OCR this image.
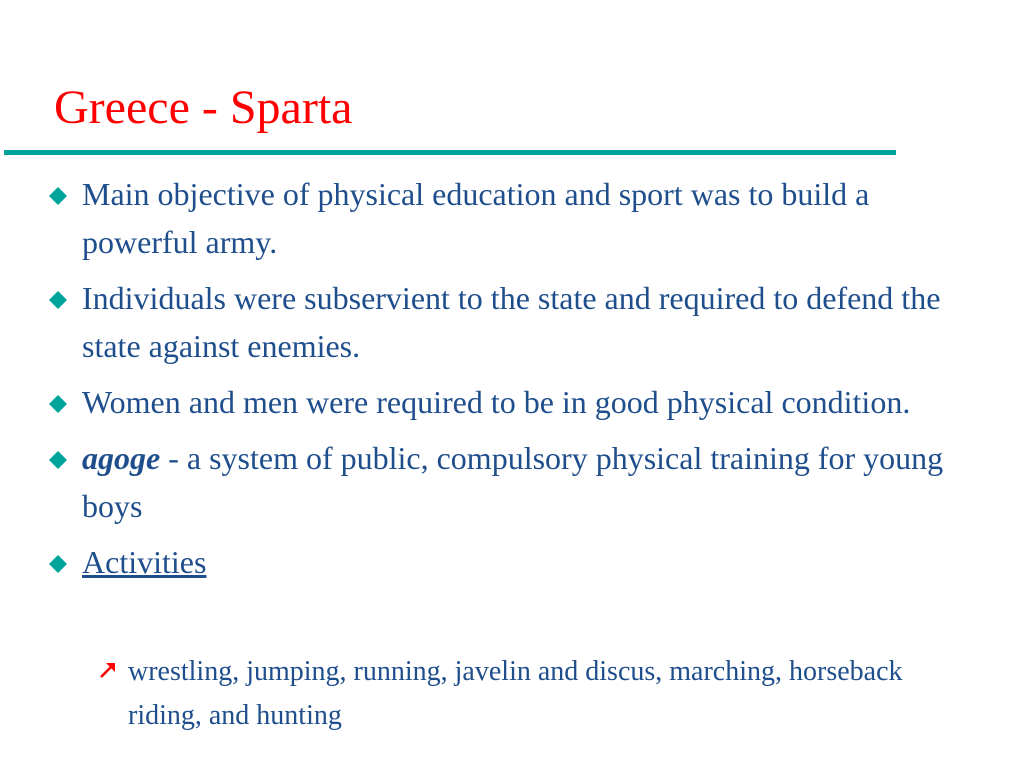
Greece - Sparta
Main objective of physical education and sport was to build a powerful army.
Individuals were subservient to the state and required to defend the state against enemies.
Women and men were required to be in good physical condition.
agoge - a system of public, compulsory physical training for young boys
Activities
wrestling, jumping, running, javelin and discus, marching, horseback riding, and hunting
